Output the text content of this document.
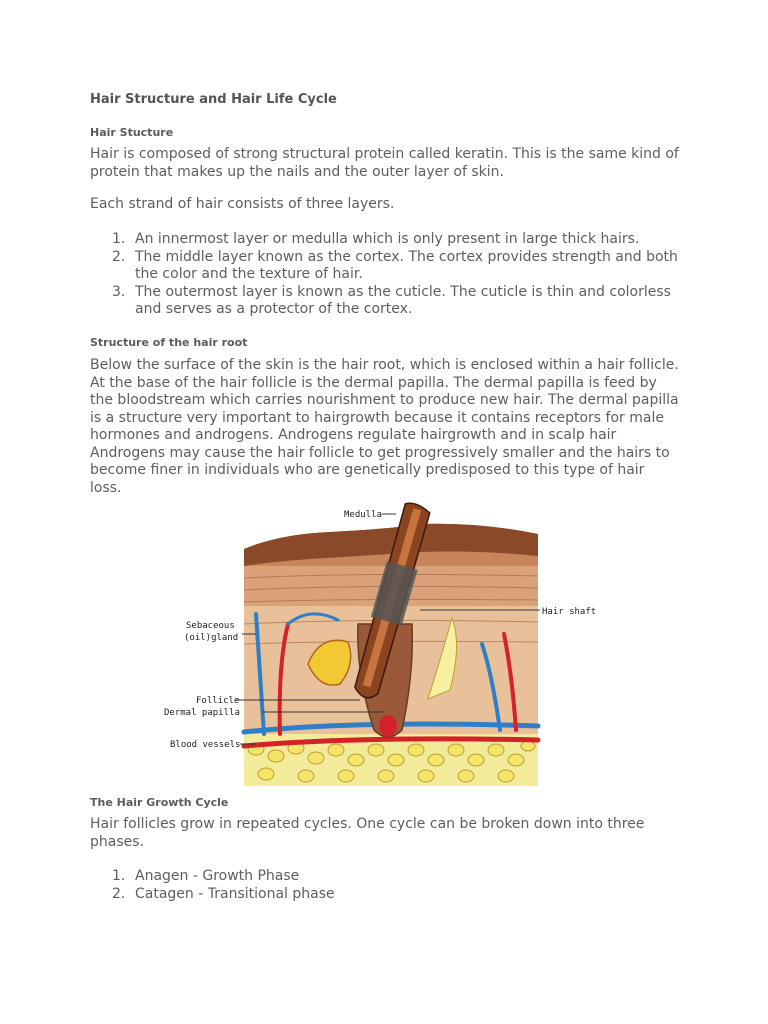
Hair Structure and Hair Life Cycle
Hair Stucture

Hair is composed of strong structural protein called keratin. This is the same kind of protein that makes up the nails and the outer layer of skin.

Each strand of hair consists of three layers.

1. An innermost layer or medulla which is only present in large thick hairs.
2. The middle layer known as the cortex. The cortex provides strength and both the color and the texture of hair.
3. The outermost layer is known as the cuticle. The cuticle is thin and colorless and serves as a protector of the cortex.
Structure of the hair root

Below the surface of the skin is the hair root, which is enclosed within a hair follicle. At the base of the hair follicle is the dermal papilla. The dermal papilla is feed by the bloodstream which carries nourishment to produce new hair. The dermal papilla is a structure very important to hairgrowth because it contains receptors for male hormones and androgens. Androgens regulate hairgrowth and in scalp hair Androgens may cause the hair follicle to get progressively smaller and the hairs to become finer in individuals who are genetically predisposed to this type of hair loss.

The Hair Growth Cycle

Hair follicles grow in repeated cycles. One cycle can be broken down into three phases.

1. Anagen - Growth Phase
2. Catagen - Transitional phase
Medulla
Hair shaft
Sebaceous
(oil)gland
Follicle
Dermal papilla
Blood vessels
